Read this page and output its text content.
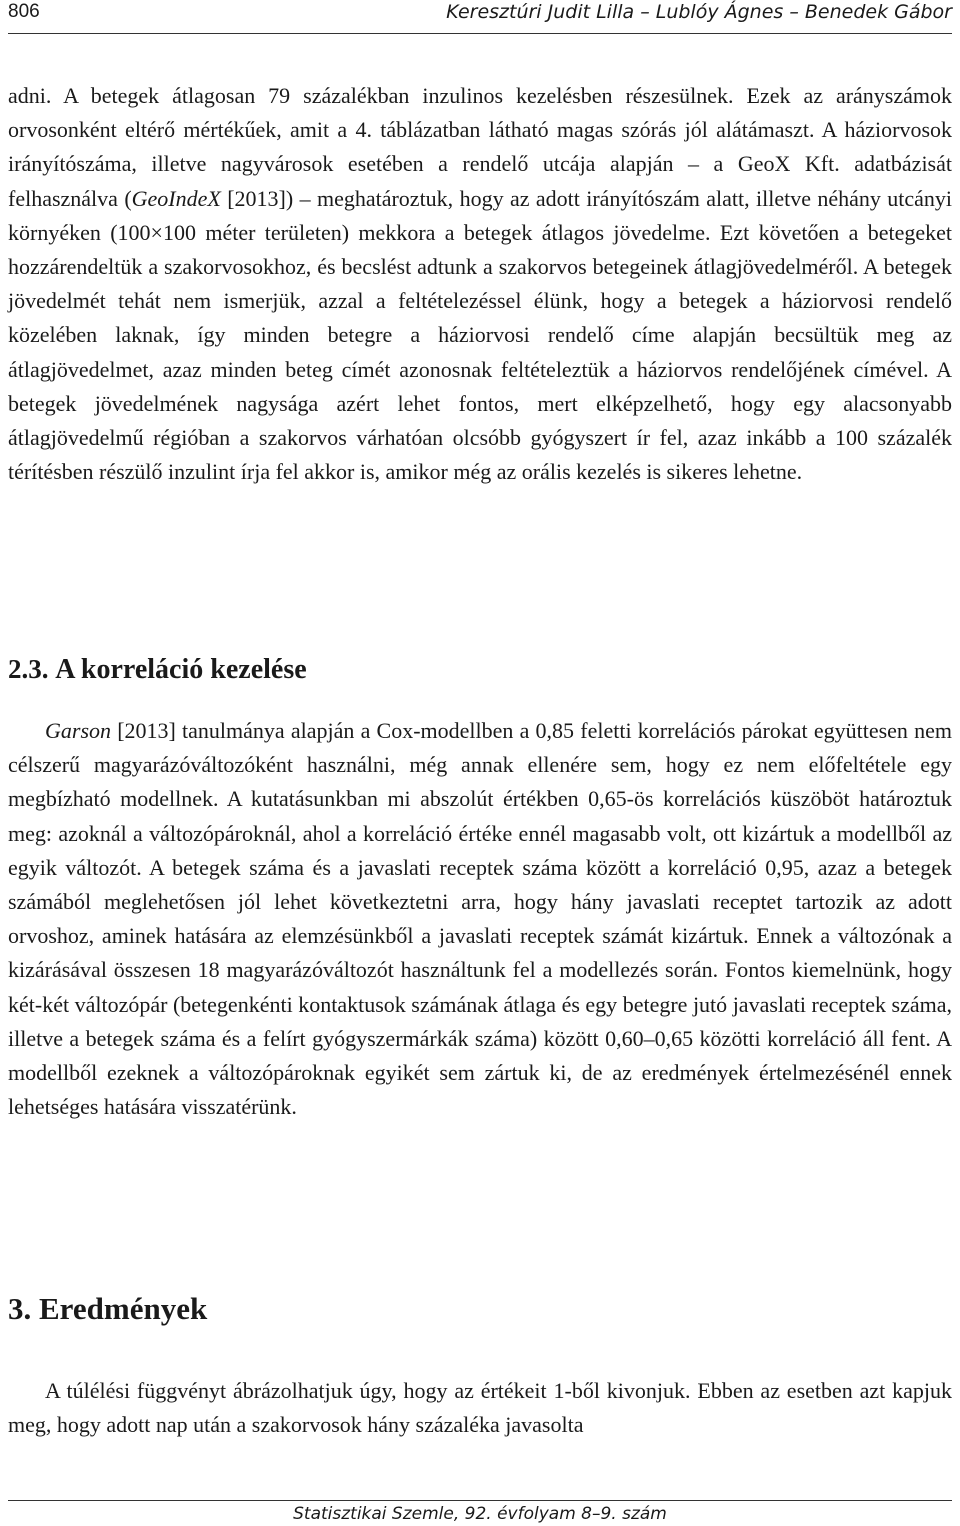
806	Keresztúri Judit Lilla – Lublóy Ágnes – Benedek Gábor

adni. A betegek átlagosan 79 százalékban inzulinos kezelésben részesülnek. Ezek az arányszámok orvosonként eltérő mértékűek, amit a 4. táblázatban látható magas szórás jól alátámaszt. A háziorvosok irányítószáma, illetve nagyvárosok esetében a rendelő utcája alapján – a GeoX Kft. adatbázisát felhasználva (GeoIndeX [2013]) – meghatároztuk, hogy az adott irányítószám alatt, illetve néhány utcányi környéken (100×100 méter területen) mekkora a betegek átlagos jövedelme. Ezt követően a betegeket hozzárendeltük a szakorvosokhoz, és becslést adtunk a szakorvos betegeinek átlagjövedelméről. A betegek jövedelmét tehát nem ismerjük, azzal a feltételezéssel élünk, hogy a betegek a háziorvosi rendelő közelében laknak, így minden betegre a háziorvosi rendelő címe alapján becsültük meg az átlagjövedelmet, azaz minden beteg címét azonosnak feltételeztük a háziorvos rendelőjének címével. A betegek jövedelmének nagysága azért lehet fontos, mert elképzelhető, hogy egy alacsonyabb átlagjövedelmű régióban a szakorvos várhatóan olcsóbb gyógyszert ír fel, azaz inkább a 100 százalék térítésben részülő inzulint írja fel akkor is, amikor még az orális kezelés is sikeres lehetne.

2.3. A korreláció kezelése

Garson [2013] tanulmánya alapján a Cox-modellben a 0,85 feletti korrelációs párokat együttesen nem célszerű magyarázóváltozóként használni, még annak ellenére sem, hogy ez nem előfeltétele egy megbízható modellnek. A kutatásunkban mi abszolút értékben 0,65-ös korrelációs küszöböt határoztuk meg: azoknál a változópároknál, ahol a korreláció értéke ennél magasabb volt, ott kizártuk a modellből az egyik változót. A betegek száma és a javaslati receptek száma között a korreláció 0,95, azaz a betegek számából meglehetősen jól lehet következtetni arra, hogy hány javaslati receptet tartozik az adott orvoshoz, aminek hatására az elemzésünkből a javaslati receptek számát kizártuk. Ennek a változónak a kizárásával összesen 18 magyarázóváltozót használtunk fel a modellezés során. Fontos kiemelnünk, hogy két-két változópár (betegenkénti kontaktusok számának átlaga és egy betegre jutó javaslati receptek száma, illetve a betegek száma és a felírt gyógyszermárkák száma) között 0,60–0,65 közötti korreláció áll fent. A modellből ezeknek a változópároknak egyikét sem zártuk ki, de az eredmények értelmezésénél ennek lehetséges hatására visszatérünk.

3. Eredmények

A túlélési függvényt ábrázolhatjuk úgy, hogy az értékeit 1-ből kivonjuk. Ebben az esetben azt kapjuk meg, hogy adott nap után a szakorvosok hány százaléka javasolta

Statisztikai Szemle, 92. évfolyam 8–9. szám
